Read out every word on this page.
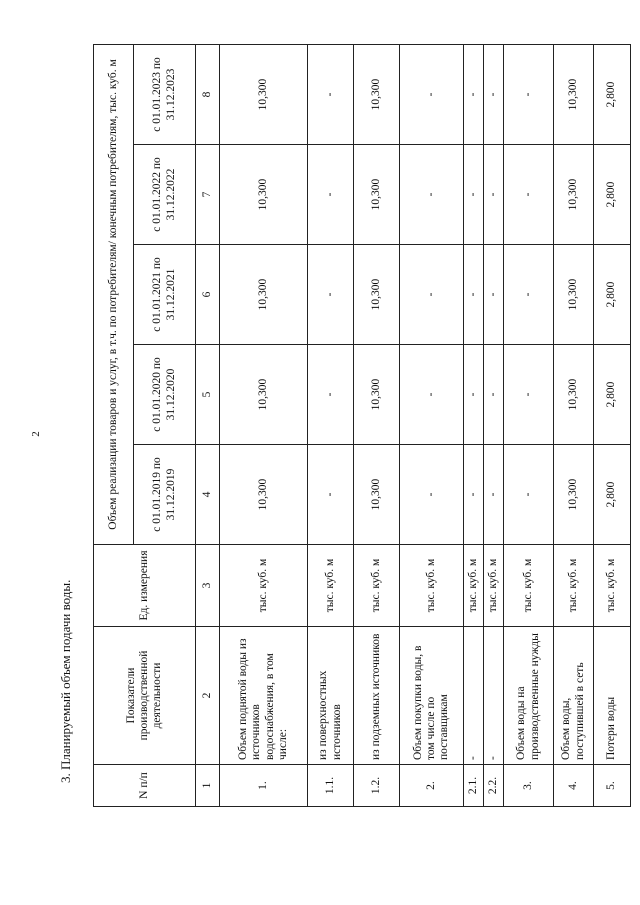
2
3. Планируемый объем подачи воды.
N п/п	Показатели производственной деятельности	Ед. измерения	Объем реализации товаров и услуг, в т.ч. по потребителям/ конечным потребителям, тыс. куб. м				
			с 01.01.2019 по 31.12.2019	с 01.01.2020 по 31.12.2020	с 01.01.2021 по 31.12.2021	с 01.01.2022 по 31.12.2022	с 01.01.2023 по 31.12.2023
1	2	3	4	5	6	7	8
1.	Объем поднятой воды из источников водоснабжения, в том числе:	тыс. куб. м	10,300	10,300	10,300	10,300	10,300
1.1.	из поверхностных источников	тыс. куб. м	-	-	-	-	-
1.2.	из подземных источников	тыс. куб. м	10,300	10,300	10,300	10,300	10,300
2.	Объем покупки воды, в том числе по поставщикам	тыс. куб. м	-	-	-	-	-
2.1.	-	тыс. куб. м	-	-	-	-	-
2.2.	-	тыс. куб. м	-	-	-	-	-
3.	Объем воды на производственные нужды	тыс. куб. м	-	-	-	-	-
4.	Объем воды, поступившей в сеть	тыс. куб. м	10,300	10,300	10,300	10,300	10,300
5.	Потери воды	тыс. куб. м	2,800	2,800	2,800	2,800	2,800
